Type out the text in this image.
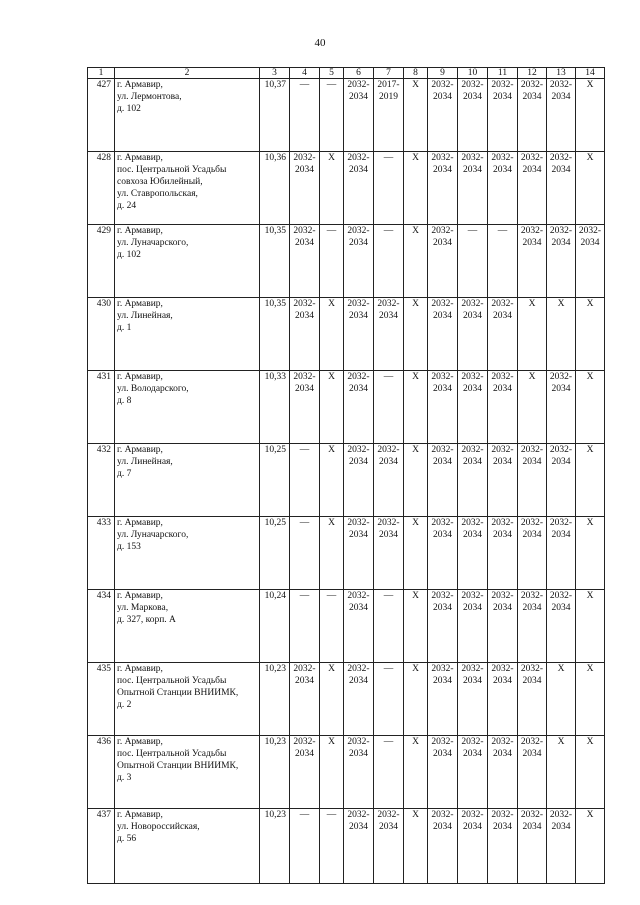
40
1	2	3	4	5	6	7	8	9	10	11	12	13	14
427	г. Армавир,
ул. Лермонтова,
д. 102	10,37	—	—	2032-
2034	2017-
2019	X	2032-
2034	2032-
2034	2032-
2034	2032-
2034	2032-
2034	X
428	г. Армавир,
пос. Центральной Усадьбы
совхоза Юбилейный,
ул. Ставропольская,
д. 24	10,36	2032-
2034	X	2032-
2034	—	X	2032-
2034	2032-
2034	2032-
2034	2032-
2034	2032-
2034	X
429	г. Армавир,
ул. Луначарского,
д. 102	10,35	2032-
2034	—	2032-
2034	—	X	2032-
2034	—	—	2032-
2034	2032-
2034	2032-
2034
430	г. Армавир,
ул. Линейная,
д. 1	10,35	2032-
2034	X	2032-
2034	2032-
2034	X	2032-
2034	2032-
2034	2032-
2034	X	X	X
431	г. Армавир,
ул. Володарского,
д. 8	10,33	2032-
2034	X	2032-
2034	—	X	2032-
2034	2032-
2034	2032-
2034	X	2032-
2034	X
432	г. Армавир,
ул. Линейная,
д. 7	10,25	—	X	2032-
2034	2032-
2034	X	2032-
2034	2032-
2034	2032-
2034	2032-
2034	2032-
2034	X
433	г. Армавир,
ул. Луначарского,
д. 153	10,25	—	X	2032-
2034	2032-
2034	X	2032-
2034	2032-
2034	2032-
2034	2032-
2034	2032-
2034	X
434	г. Армавир,
ул. Маркова,
д. 327, корп. А	10,24	—	—	2032-
2034	—	X	2032-
2034	2032-
2034	2032-
2034	2032-
2034	2032-
2034	X
435	г. Армавир,
пос. Центральной Усадьбы
Опытной Станции ВНИИМК,
д. 2	10,23	2032-
2034	X	2032-
2034	—	X	2032-
2034	2032-
2034	2032-
2034	2032-
2034	X	X
436	г. Армавир,
пос. Центральной Усадьбы
Опытной Станции ВНИИМК,
д. 3	10,23	2032-
2034	X	2032-
2034	—	X	2032-
2034	2032-
2034	2032-
2034	2032-
2034	X	X
437	г. Армавир,
ул. Новороссийская,
д. 56	10,23	—	—	2032-
2034	2032-
2034	X	2032-
2034	2032-
2034	2032-
2034	2032-
2034	2032-
2034	X
